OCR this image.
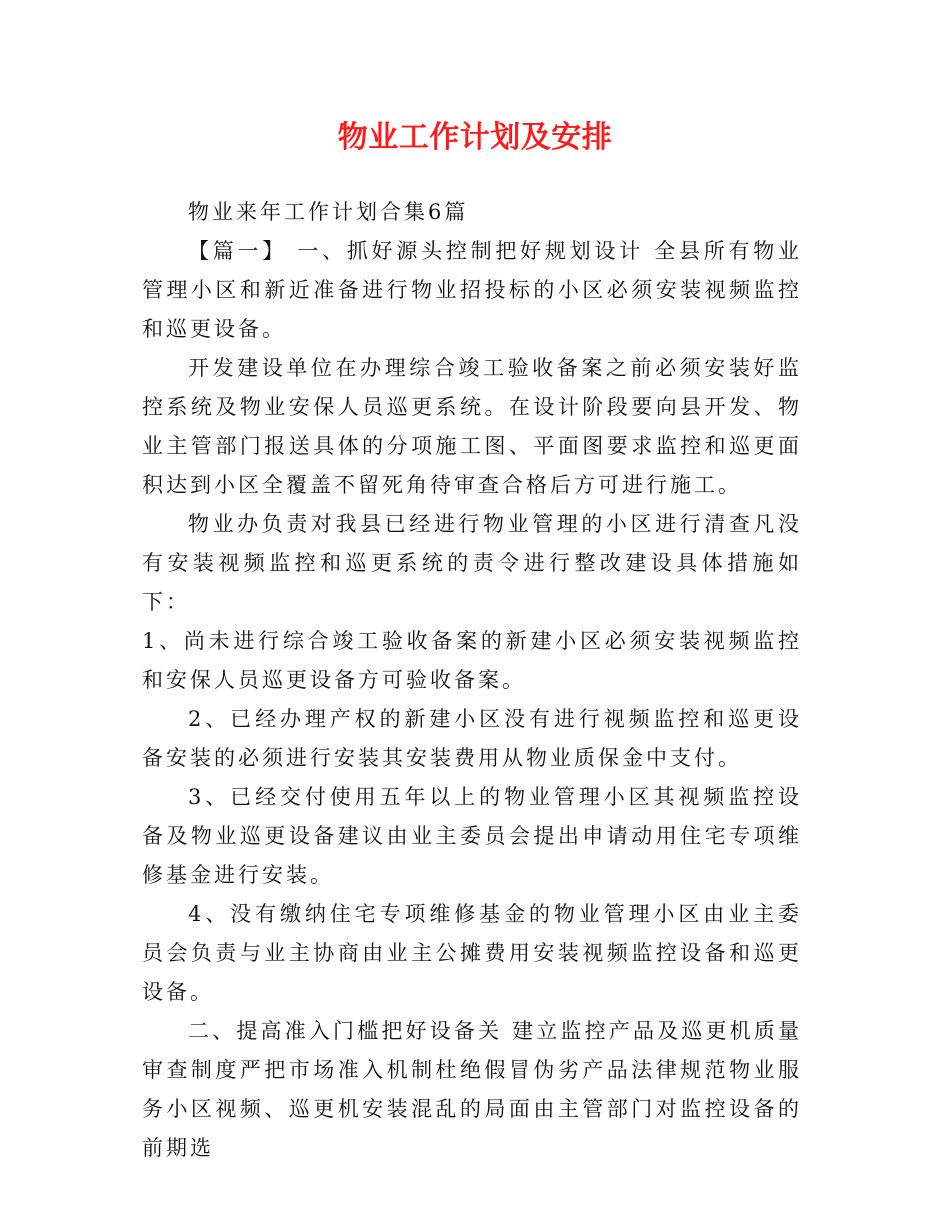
物业工作计划及安排

物业来年工作计划合集6篇

【篇一】 一、抓好源头控制把好规划设计 全县所有物业管理小区和新近准备进行物业招投标的小区必须安装视频监控和巡更设备。

开发建设单位在办理综合竣工验收备案之前必须安装好监控系统及物业安保人员巡更系统。在设计阶段要向县开发、物业主管部门报送具体的分项施工图、平面图要求监控和巡更面积达到小区全覆盖不留死角待审查合格后方可进行施工。

物业办负责对我县已经进行物业管理的小区进行清查凡没有安装视频监控和巡更系统的责令进行整改建设具体措施如下：

1、尚未进行综合竣工验收备案的新建小区必须安装视频监控和安保人员巡更设备方可验收备案。

2、已经办理产权的新建小区没有进行视频监控和巡更设备安装的必须进行安装其安装费用从物业质保金中支付。

3、已经交付使用五年以上的物业管理小区其视频监控设备及物业巡更设备建议由业主委员会提出申请动用住宅专项维修基金进行安装。

4、没有缴纳住宅专项维修基金的物业管理小区由业主委员会负责与业主协商由业主公摊费用安装视频监控设备和巡更设备。

二、提高准入门槛把好设备关 建立监控产品及巡更机质量审查制度严把市场准入机制杜绝假冒伪劣产品法律规范物业服务小区视频、巡更机安装混乱的局面由主管部门对监控设备的前期选
